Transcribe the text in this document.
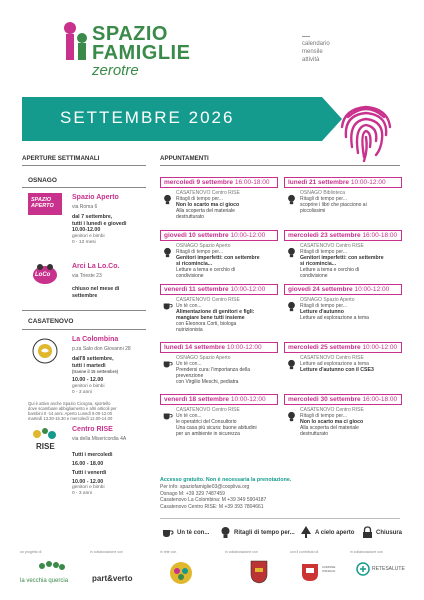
SPAZIO
FAMIGLIE
zerotre
calendario
mensile
attività
SETTEMBRE 2026
APERTURE SETTIMANALI
OSNAGO
SPAZIO
APERTO
Spazio Aperto
via Roma 6
dal 7 settembre,
tutti i lunedì e giovedì
10.00-12.00
genitori e bimbi
0 - 12 mesi
LoCo
Arci La Lo.Co.
via Trieste 23
chiuso nel mese di
settembre
CASATENOVO
La Colombina
p.za Salo don Giovanni 28
dall'8 settembre,
tutti i martedì
(tranne il 15 settembre)
10.00 - 12.00
genitori e bimbi
0 - 3 anni
Qui è attivo anche Spazio Cicogna, sportello
dove scambiare abbigliamento e altri articoli per
bambini 0 -14 anni. Aperto Lunedì 9.00-12.00
martedì 13.30-15.30 e mercoledì 12.00-14.00
RISE
Centro RISE
via della Misericordia 4A
Tutti i mercoledì
16.00 - 18.00
Tutti i venerdì
10.00 - 12.00
genitori e bimbi
0 - 3 anni
APPUNTAMENTI
mercoledì 9 settembre 16:00-18:00
CASATENOVO Centro RISE
Ritagli di tempo per...
Non lo scarto ma ci gioco
Alla scoperta del materiale
destrutturato
giovedì 10 settembre 10:00-12:00
OSNAGO Spazio Aperto
Ritagli di tempo per...
Genitori imperfetti: con settembre
si ricomincia...
Letture a tema e cerchio di
condivisione
venerdì 11 settembre 10:00-12:00
CASATENOVO Centro RISE
Un tè con...
Alimentazione di genitori e figli:
mangiare bene tutti insieme
con Eleonora Corti, biologa
nutrizionista
lunedì 14 settembre 10:00-12:00
OSNAGO Spazio Aperto
Un tè con...
Prendersi cura: l'importanza della
prevenzione
con Virgilio Meschi, pediatra
venerdì 18 settembre 10:00-12:00
CASATENOVO Centro RISE
Un tè con...
le operatrici del Consultorio
Una casa più sicura: buone abitudini
per un ambiente in sicurezza
lunedì 21 settembre 10:00-12:00
OSNAGO Biblioteca
Ritagli di tempo per...
scoprire i libri che piacciono ai
piccolissimi
mercoledì 23 settembre 16:00-18:00
CASATENOVO Centro RISE
Ritagli di tempo per...
Genitori imperfetti: con settembre
si ricomincia...
Letture a tema e cerchio di
condivisione
giovedì 24 settembre 10:00-12:00
OSNAGO Spazio Aperto
Ritagli di tempo per...
Letture d'autunno
Letture ad esplorazione a tema
mercoledì 25 settembre 10:00-12:00
CASATENOVO Centro RISE
Letture ad esplorazione a tema
Letture d'autunno con il CSE3
mercoledì 30 settembre 16:00-18:00
CASATENOVO Centro RISE
Ritagli di tempo per...
Non lo scarto ma ci gioco
Alla scoperta del materiale
destrutturato
Accesso gratuito. Non è necessaria la prenotazione.
Per info: spaziofamiglie03@coopliva.org
Osnago M: +39 329 7487459
Casatenovo La Colombina: M +39 349 5904187
Casatenovo Centro RISE: M +39 393 7804661
Un tè con...	Ritagli di tempo per...	A cielo aperto	Chiusura
un progetto di	in collaborazione con	in rete con	in collaborazione con	con il contributo di	in collaborazione con
la vecchia quercia	part&verto
COMUNE
OSNAGO	RETESALUTE
